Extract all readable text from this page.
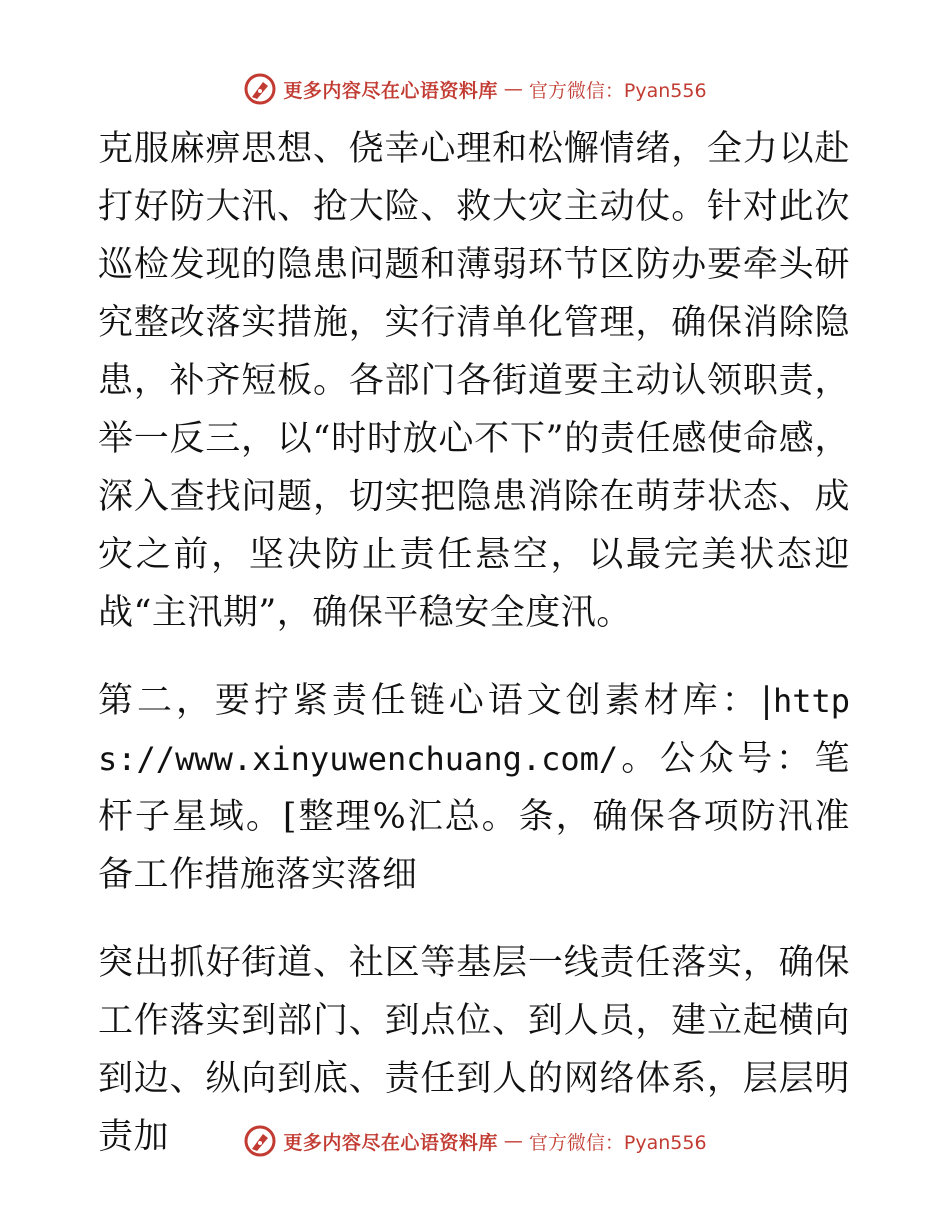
更多内容尽在心语资料库 — 官方微信：Pyan556

克服麻痹思想、侥幸心理和松懈情绪，全力以赴打好防大汛、抢大险、救大灾主动仗。针对此次巡检发现的隐患问题和薄弱环节区防办要牵头研究整改落实措施，实行清单化管理，确保消除隐患，补齐短板。各部门各街道要主动认领职责，举一反三，以“时时放心不下”的责任感使命感，深入查找问题，切实把隐患消除在萌芽状态、成灾之前，坚决防止责任悬空，以最完美状态迎战“主汛期”，确保平稳安全度汛。

第二，要拧紧责任链心语文创素材库：|https://www.xinyuwenchuang.com/。公众号：笔杆子星域。[整理%汇总。条，确保各项防汛准备工作措施落实落细

突出抓好街道、社区等基层一线责任落实，确保工作落实到部门、到点位、到人员，建立起横向到边、纵向到底、责任到人的网络体系，层层明责加	更多内容尽在心语资料库 — 官方微信：Pyan556
